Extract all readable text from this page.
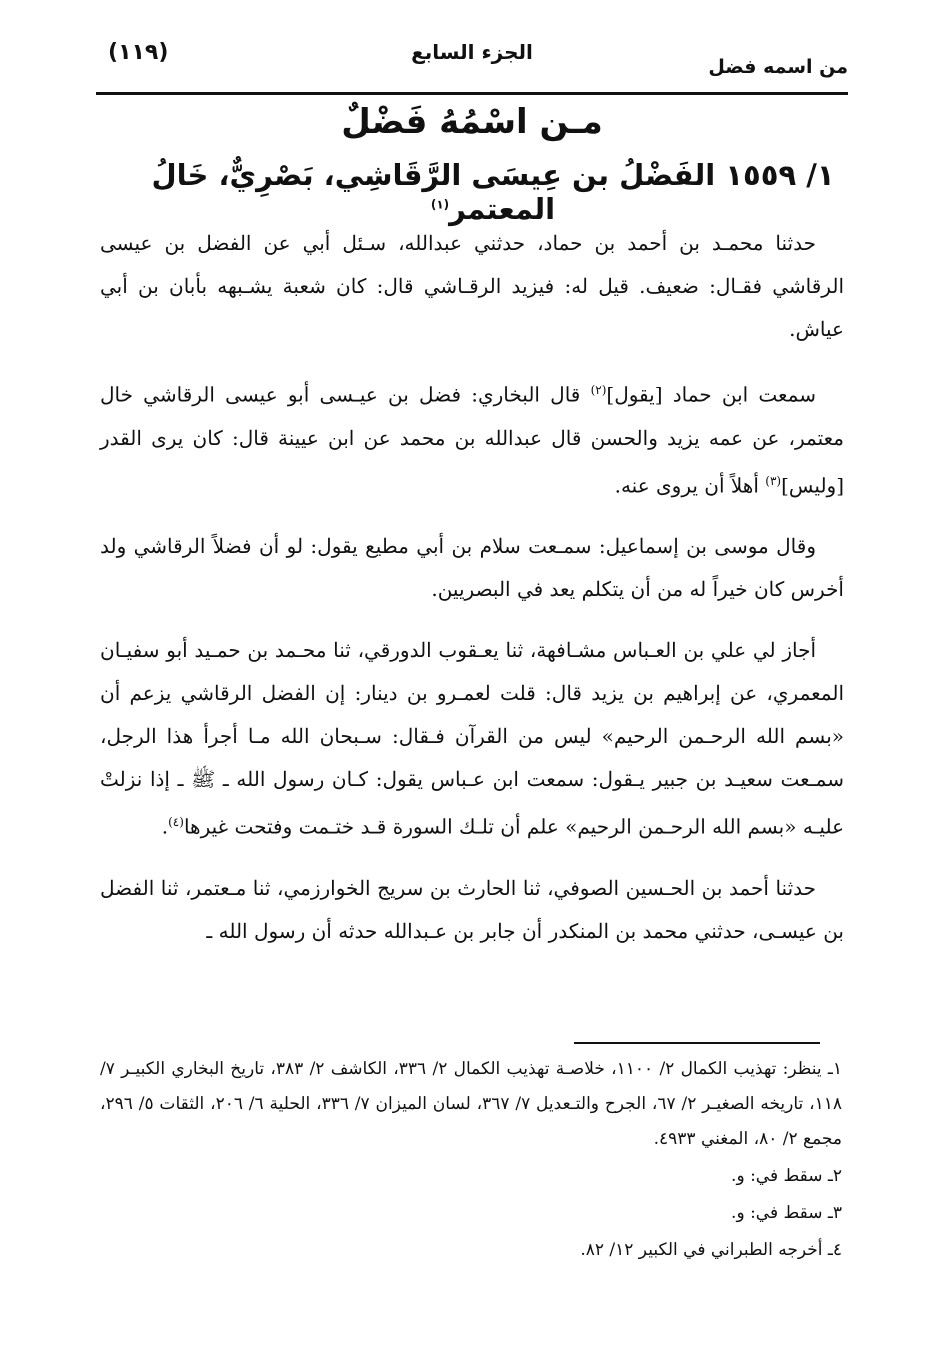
من اسمه فضل
الجزء السابع
(١١٩)
مـن اسْمُهُ فَضْلٌ
١/ ١٥٥٩ الفَضْلُ بن عِيسَى الرَّقَاشِي، بَصْرِيٌّ، خَالُ المعتمر$^{(١)}$

حدثنا محمـد بن أحمد بن حماد، حدثني عبدالله، سـئل أبي عن الفضل بن عيسى الرقاشي فقـال: ضعيف. قيل له: فيزيد الرقـاشي قال: كان شعبة يشـبهه بأبان بن أبي عياش.

سمعت ابن حماد [يقول]$^{(٢)}$ قال البخاري: فضل بن عيـسى أبو عيسى الرقاشي خال معتمر، عن عمه يزيد والحسن قال عبدالله بن محمد عن ابن عيينة قال: كان يرى القدر [وليس]$^{(٣)}$ أهلاً أن يروى عنه.

وقال موسى بن إسماعيل: سمـعت سلام بن أبي مطيع يقول: لو أن فضلاً الرقاشي ولد أخرس كان خيراً له من أن يتكلم يعد في البصريين.

أجاز لي علي بن العـباس مشـافهة، ثنا يعـقوب الدورقي، ثنا محـمد بن حمـيد أبو سفيـان المعمري، عن إبراهيم بن يزيد قال: قلت لعمـرو بن دينار: إن الفضل الرقاشي يزعم أن «بسم الله الرحـمن الرحيم» ليس من القرآن فـقال: سـبحان الله مـا أجرأ هذا الرجل، سمـعت سعيـد بن جبير يـقول: سمعت ابن عـباس يقول: كـان رسول الله ـ ﷺ ـ إذا نزلتْ عليـه «بسم الله الرحـمن الرحيم» علم أن تلـك السورة قـد ختـمت وفتحت غيرها$^{(٤)}$.

حدثنا أحمد بن الحـسين الصوفي، ثنا الحارث بن سريج الخوارزمي، ثنا مـعتمر، ثنا الفضل بن عيسـى، حدثني محمد بن المنكدر أن جابر بن عـبدالله حدثه أن رسول الله ـ

١ـ ينظر: تهذيب الكمال ٢/ ١١٠٠، خلاصـة تهذيب الكمال ٢/ ٣٣٦، الكاشف ٢/ ٣٨٣، تاريخ البخاري الكبيـر ٧/ ١١٨، تاريخه الصغيـر ٢/ ٦٧، الجرح والتـعديل ٧/ ٣٦٧، لسان الميزان ٧/ ٣٣٦، الحلية ٦/ ٢٠٦، الثقات ٥/ ٢٩٦، مجمع ٢/ ٨٠، المغني ٤٩٣٣.
٢ـ سقط في: و.
٣ـ سقط في: و.
٤ـ أخرجه الطبراني في الكبير ١٢/ ٨٢.
